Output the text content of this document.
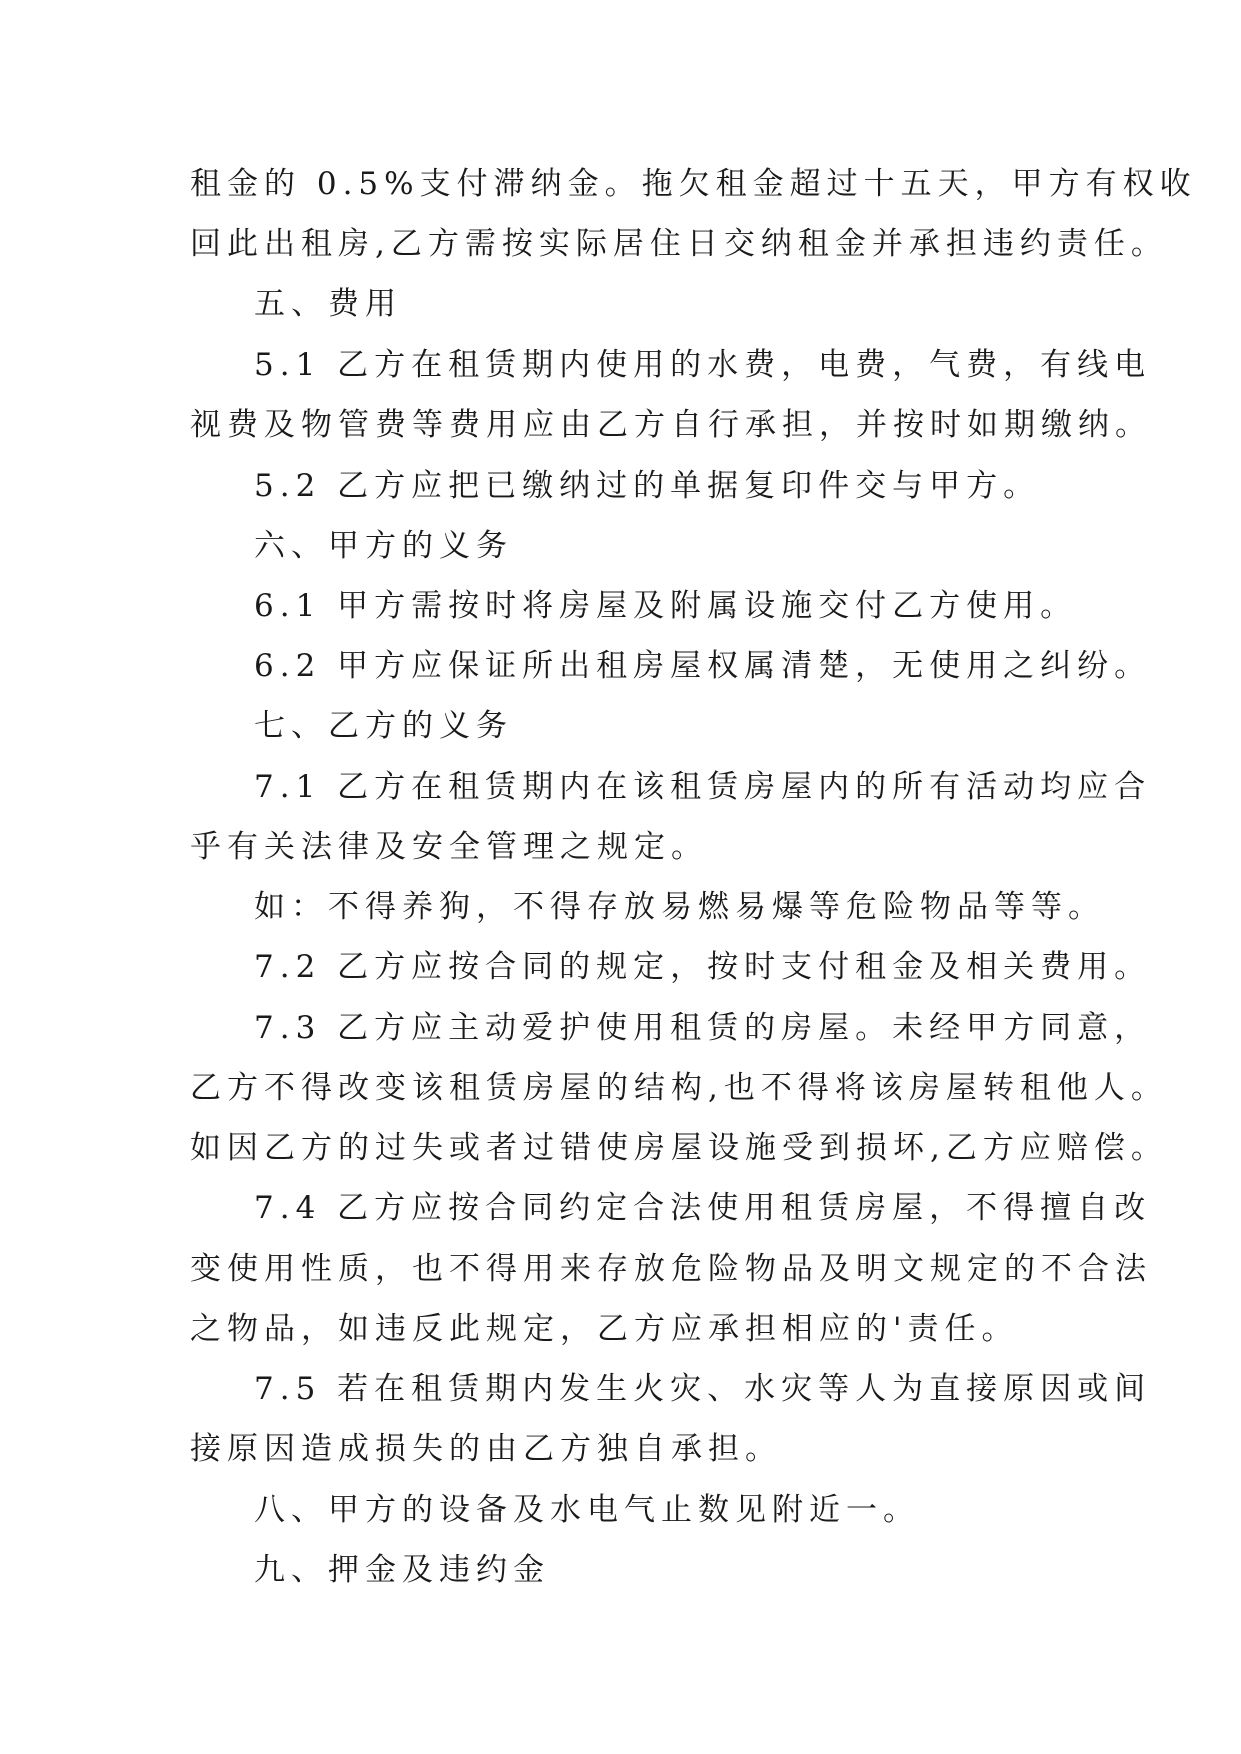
租金的 0.5%支付滞纳金。拖欠租金超过十五天，甲方有权收
回此出租房,乙方需按实际居住日交纳租金并承担违约责任。
五、费用
5.1 乙方在租赁期内使用的水费，电费，气费，有线电
视费及物管费等费用应由乙方自行承担，并按时如期缴纳。
5.2 乙方应把已缴纳过的单据复印件交与甲方。
六、甲方的义务
6.1 甲方需按时将房屋及附属设施交付乙方使用。
6.2 甲方应保证所出租房屋权属清楚，无使用之纠纷。
七、乙方的义务
7.1 乙方在租赁期内在该租赁房屋内的所有活动均应合
乎有关法律及安全管理之规定。
如：不得养狗，不得存放易燃易爆等危险物品等等。
7.2 乙方应按合同的规定，按时支付租金及相关费用。
7.3 乙方应主动爱护使用租赁的房屋。未经甲方同意，
乙方不得改变该租赁房屋的结构,也不得将该房屋转租他人。
如因乙方的过失或者过错使房屋设施受到损坏,乙方应赔偿。
7.4 乙方应按合同约定合法使用租赁房屋，不得擅自改
变使用性质，也不得用来存放危险物品及明文规定的不合法
之物品，如违反此规定，乙方应承担相应的'责任。
7.5 若在租赁期内发生火灾、水灾等人为直接原因或间
接原因造成损失的由乙方独自承担。
八、甲方的设备及水电气止数见附近一。
九、押金及违约金
